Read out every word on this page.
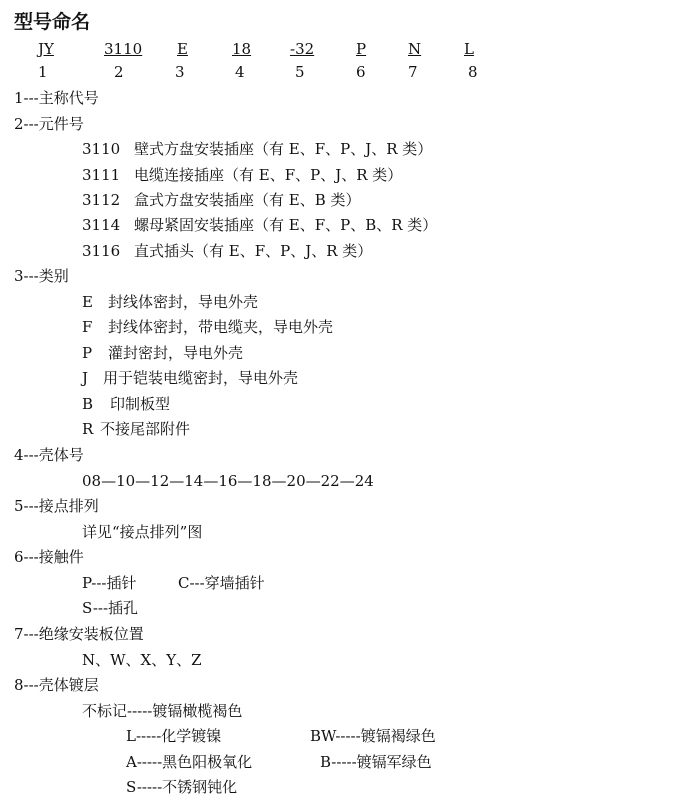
型号命名
JY	3110 E	18	-32	P	N	L
1	2	3	4	5	6	7	8
1---主称代号
2---元件号
3110 壁式方盘安装插座（有 E、F、P、J、R 类）
3111 电缆连接插座（有 E、F、P、J、R 类）
3112 盒式方盘安装插座（有 E、B 类）
3114 螺母紧固安装插座（有 E、F、P、B、R 类）
3116 直式插头（有 E、F、P、J、R 类）
3---类别
E 封线体密封，导电外壳
F 封线体密封，带电缆夹，导电外壳
P 灌封密封，导电外壳
J 用于铠装电缆密封，导电外壳
B 印制板型
R 不接尾部附件
4---壳体号
08—10—12—14—16—18—20—22—24
5---接点排列
详见“接点排列”图
6---接触件
P---插针	C---穿墙插针
S---插孔
7---绝缘安装板位置
N、W、X、Y、Z
8---壳体镀层
不标记-----镀镉橄榄褐色
L-----化学镀镍	BW-----镀镉褐绿色
A-----黑色阳极氧化	B-----镀镉军绿色
S-----不锈钢钝化
